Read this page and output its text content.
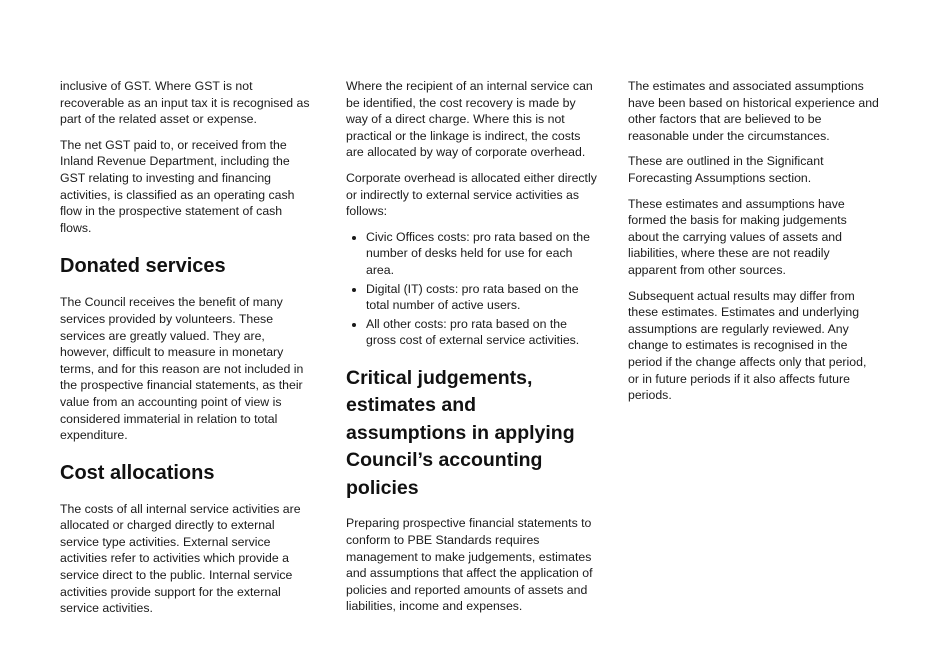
inclusive of GST. Where GST is not recoverable as an input tax it is recognised as part of the related asset or expense.

The net GST paid to, or received from the Inland Revenue Department, including the GST relating to investing and financing activities, is classified as an operating cash flow in the prospective statement of cash flows.

Donated services

The Council receives the benefit of many services provided by volunteers. These services are greatly valued. They are, however, difficult to measure in monetary terms, and for this reason are not included in the prospective financial statements, as their value from an accounting point of view is considered immaterial in relation to total expenditure.

Cost allocations

The costs of all internal service activities are allocated or charged directly to external service type activities. External service activities refer to activities which provide a service direct to the public. Internal service activities provide support for the external service activities.

Where the recipient of an internal service can be identified, the cost recovery is made by way of a direct charge. Where this is not practical or the linkage is indirect, the costs are allocated by way of corporate overhead.

Corporate overhead is allocated either directly or indirectly to external service activities as follows:

• Civic Offices costs: pro rata based on the number of desks held for use for each area.
• Digital (IT) costs: pro rata based on the total number of active users.
• All other costs: pro rata based on the gross cost of external service activities.
Critical judgements, estimates and assumptions in applying Council’s accounting policies

Preparing prospective financial statements to conform to PBE Standards requires management to make judgements, estimates and assumptions that affect the application of policies and reported amounts of assets and liabilities, income and expenses.

The estimates and associated assumptions have been based on historical experience and other factors that are believed to be reasonable under the circumstances.

These are outlined in the Significant Forecasting Assumptions section.

These estimates and assumptions have formed the basis for making judgements about the carrying values of assets and liabilities, where these are not readily apparent from other sources.

Subsequent actual results may differ from these estimates. Estimates and underlying assumptions are regularly reviewed. Any change to estimates is recognised in the period if the change affects only that period, or in future periods if it also affects future periods.
